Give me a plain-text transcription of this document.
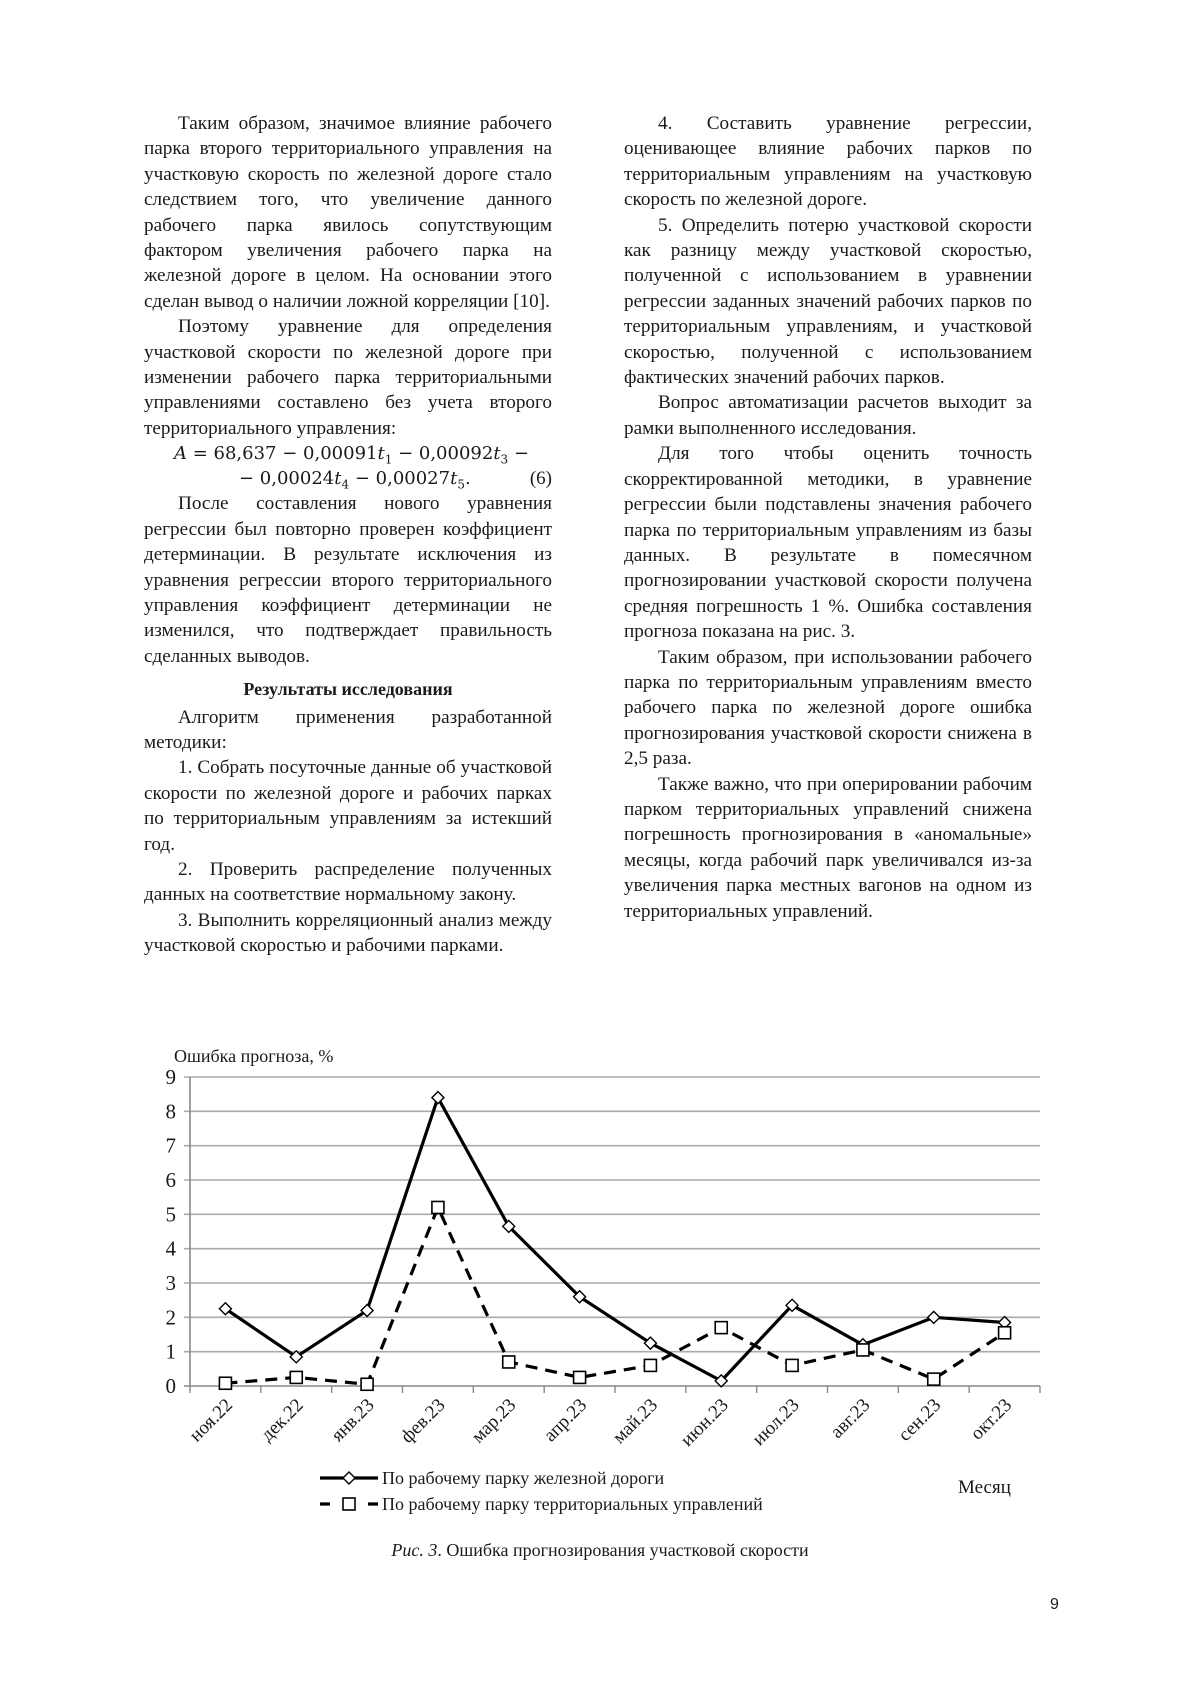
Таким образом, значимое влияние рабочего парка второго территориального управления на участковую скорость по железной дороге стало следствием того, что увеличение данного рабочего парка явилось сопутствующим фактором увеличения рабочего парка на железной дороге в целом. На основании этого сделан вывод о наличии ложной корреляции [10].

Поэтому уравнение для определения участковой скорости по железной дороге при изменении рабочего парка территориальными управлениями составлено без учета второго территориального управления:

$A = 68,637 - 0,00091t_1 - 0,00092t_3$ −
− $0,00024t_4 - 0,00027t_5$.	(6)

После составления нового уравнения регрессии был повторно проверен коэффициент детерминации. В результате исключения из уравнения регрессии второго территориального управления коэффициент детерминации не изменился, что подтверждает правильность сделанных выводов.

Результаты исследования

Алгоритм применения разработанной методики:

1. Собрать посуточные данные об участковой скорости по железной дороге и рабочих парках по территориальным управлениям за истекший год.

2. Проверить распределение полученных данных на соответствие нормальному закону.

3. Выполнить корреляционный анализ между участковой скоростью и рабочими парками.

4. Составить уравнение регрессии, оценивающее влияние рабочих парков по территориальным управлениям на участковую скорость по железной дороге.

5. Определить потерю участковой скорости как разницу между участковой скоростью, полученной с использованием в уравнении регрессии заданных значений рабочих парков по территориальным управлениям, и участковой скоростью, полученной с использованием фактических значений рабочих парков.

Вопрос автоматизации расчетов выходит за рамки выполненного исследования.

Для того чтобы оценить точность скорректированной методики, в уравнение регрессии были подставлены значения рабочего парка по территориальным управлениям из базы данных. В результате в помесячном прогнозировании участковой скорости получена средняя погрешность 1 %. Ошибка составления прогноза показана на рис. 3.

Таким образом, при использовании рабочего парка по территориальным управлениям вместо рабочего парка по железной дороге ошибка прогнозирования участковой скорости снижена в 2,5 раза.

Также важно, что при оперировании рабочим парком территориальных управлений снижена погрешность прогнозирования в «аномальные» месяцы, когда рабочий парк увеличивался из-за увеличения парка местных вагонов на одном из территориальных управлений.

Ошибка прогноза, %
0
1
2
3
4
5
6
7
8
9
ноя.22 дек.22 янв.23 фев.23 мар.23 апр.23 май.23 июн.23 июл.23 авг.23 сен.23 окт.23
По рабочему парку железной дороги
По рабочему парку территориальных управлений
Месяц
Рис. 3. Ошибка прогнозирования участковой скорости
9
